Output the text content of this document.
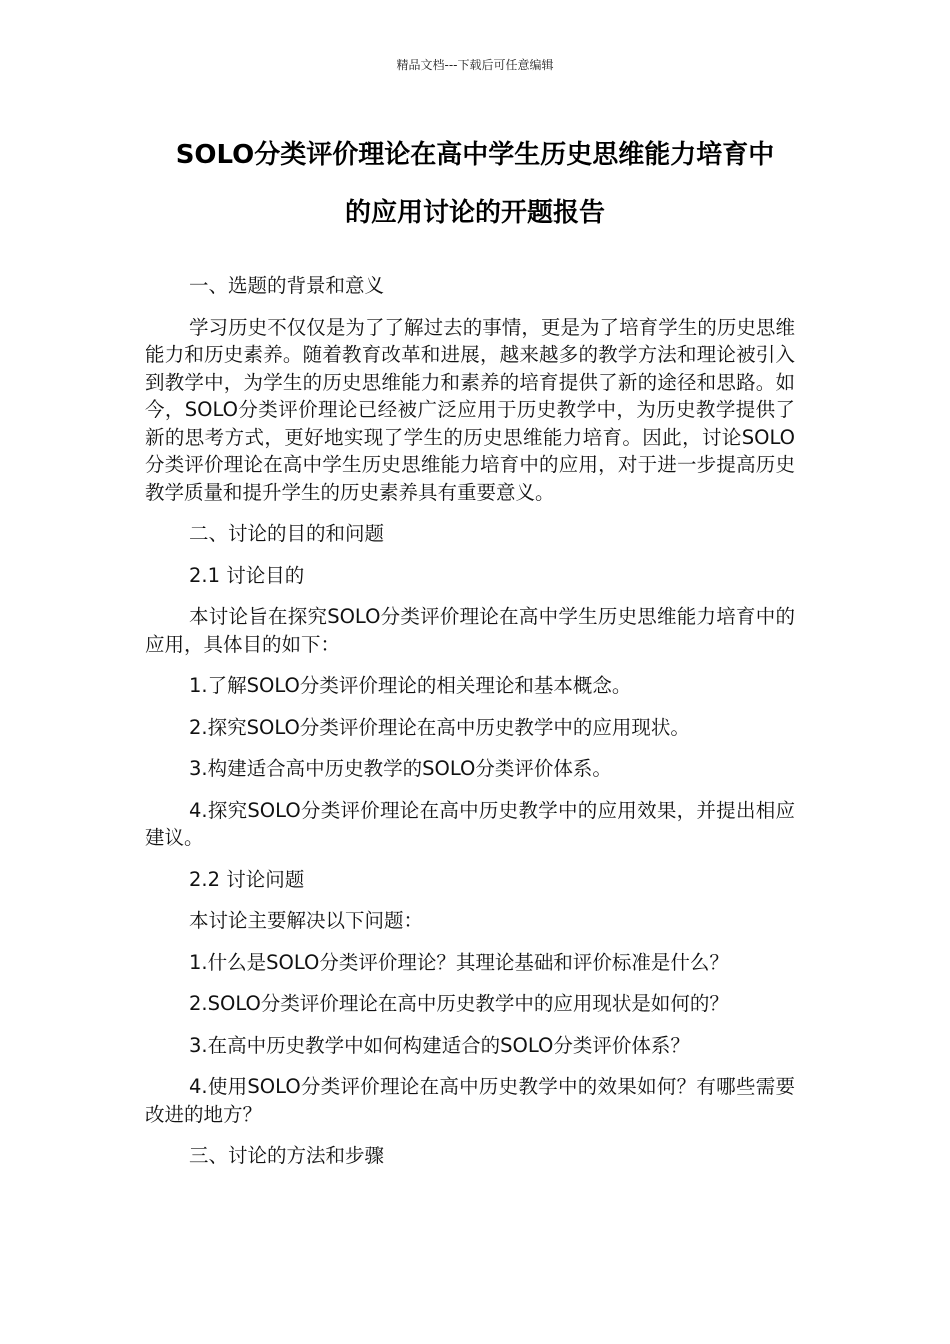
精品文档---下载后可任意编辑
SOLO分类评价理论在高中学生历史思维能力培育中
的应用讨论的开题报告

一、选题的背景和意义

学习历史不仅仅是为了了解过去的事情，更是为了培育学生的历史思维能力和历史素养。随着教育改革和进展，越来越多的教学方法和理论被引入到教学中，为学生的历史思维能力和素养的培育提供了新的途径和思路。如今，SOLO分类评价理论已经被广泛应用于历史教学中，为历史教学提供了新的思考方式，更好地实现了学生的历史思维能力培育。因此，讨论SOLO分类评价理论在高中学生历史思维能力培育中的应用，对于进一步提高历史教学质量和提升学生的历史素养具有重要意义。

二、讨论的目的和问题

2.1 讨论目的

本讨论旨在探究SOLO分类评价理论在高中学生历史思维能力培育中的应用，具体目的如下：

1.了解SOLO分类评价理论的相关理论和基本概念。

2.探究SOLO分类评价理论在高中历史教学中的应用现状。

3.构建适合高中历史教学的SOLO分类评价体系。

4.探究SOLO分类评价理论在高中历史教学中的应用效果，并提出相应建议。

2.2 讨论问题

本讨论主要解决以下问题：

1.什么是SOLO分类评价理论？其理论基础和评价标准是什么？

2.SOLO分类评价理论在高中历史教学中的应用现状是如何的？

3.在高中历史教学中如何构建适合的SOLO分类评价体系？

4.使用SOLO分类评价理论在高中历史教学中的效果如何？有哪些需要改进的地方？

三、讨论的方法和步骤
